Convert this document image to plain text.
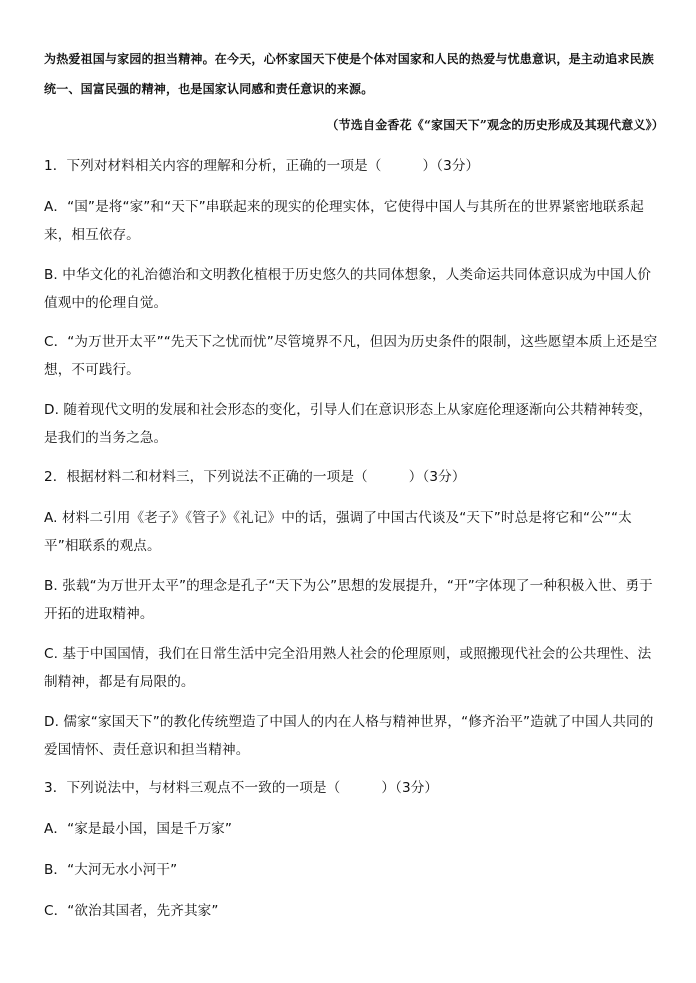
为热爱祖国与家园的担当精神。在今天，心怀家国天下使是个体对国家和人民的热爱与忧患意识，是主动追求民族统一、国富民强的精神，也是国家认同感和责任意识的来源。
（节选自金香花《“家国天下”观念的历史形成及其现代意义》）
1．下列对材料相关内容的理解和分析，正确的一项是（　　　）（3分）
A．“国”是将“家”和“天下”串联起来的现实的伦理实体，它使得中国人与其所在的世界紧密地联系起来，相互依存。
B. 中华文化的礼治德治和文明教化植根于历史悠久的共同体想象，人类命运共同体意识成为中国人价值观中的伦理自觉。
C．“为万世开太平”“先天下之忧而忧”尽管境界不凡，但因为历史条件的限制，这些愿望本质上还是空想，不可践行。
D. 随着现代文明的发展和社会形态的变化，引导人们在意识形态上从家庭伦理逐渐向公共精神转变，是我们的当务之急。
2．根据材料二和材料三，下列说法不正确的一项是（　　　）（3分）
A. 材料二引用《老子》《管子》《礼记》中的话，强调了中国古代谈及“天下”时总是将它和“公”“太平”相联系的观点。
B. 张载“为万世开太平”的理念是孔子“天下为公”思想的发展提升，“开”字体现了一种积极入世、勇于开拓的进取精神。
C. 基于中国国情，我们在日常生活中完全沿用熟人社会的伦理原则，或照搬现代社会的公共理性、法制精神，都是有局限的。
D. 儒家“家国天下”的教化传统塑造了中国人的内在人格与精神世界，“修齐治平”造就了中国人共同的爱国情怀、责任意识和担当精神。
3．下列说法中，与材料三观点不一致的一项是（　　　）（3分）
A．“家是最小国，国是千万家”
B．“大河无水小河干”
C．“欲治其国者，先齐其家”
